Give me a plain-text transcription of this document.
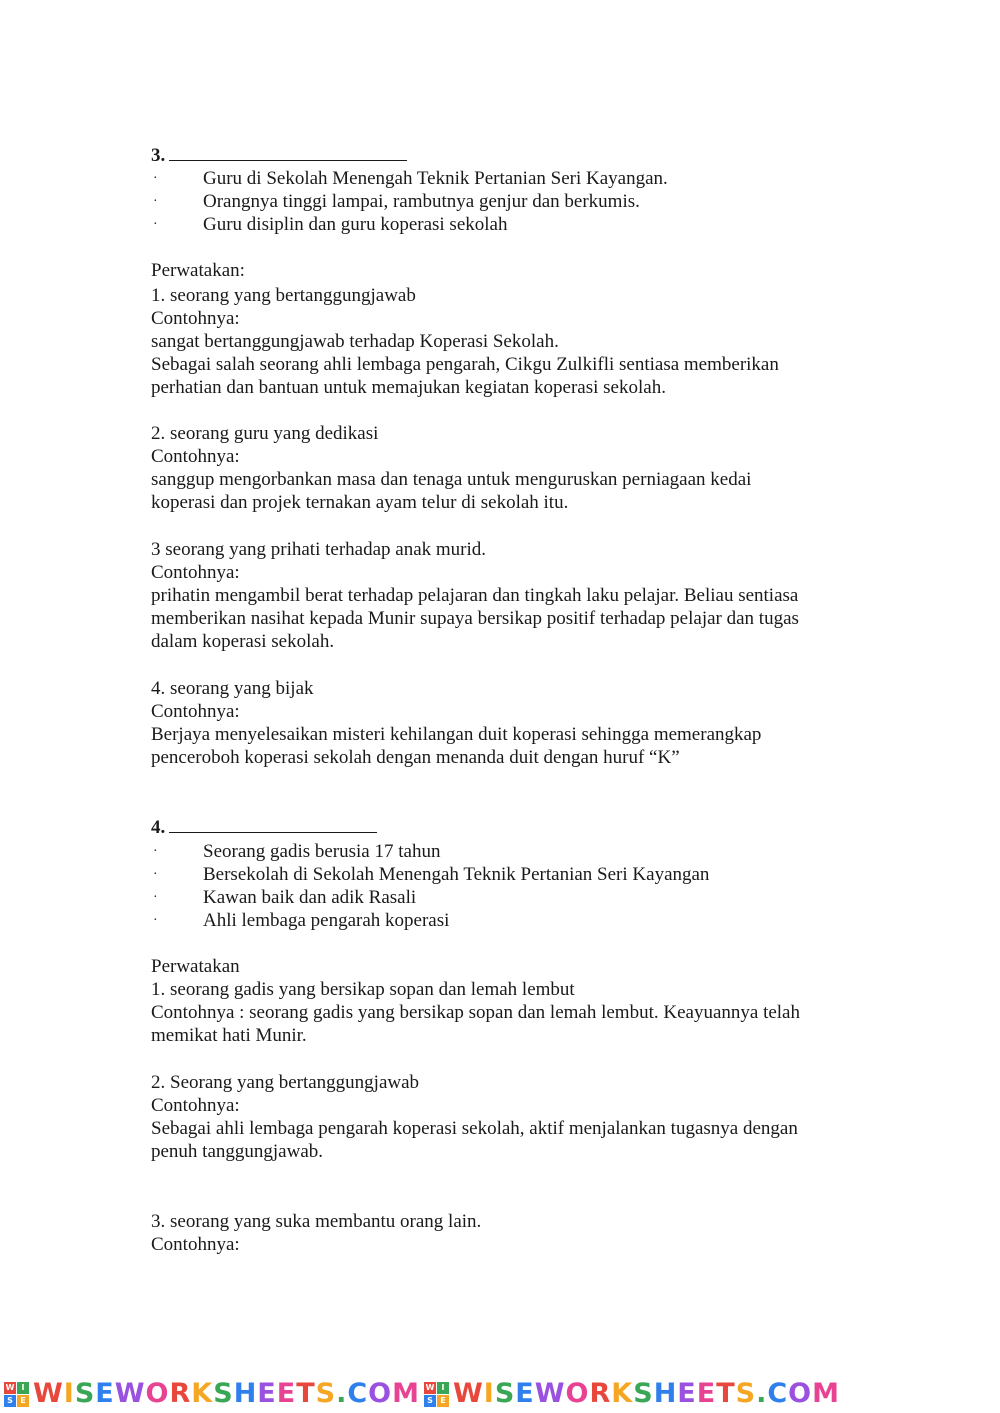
3.
· Guru di Sekolah Menengah Teknik Pertanian Seri Kayangan.
· Orangnya tinggi lampai, rambutnya genjur dan berkumis.
· Guru disiplin dan guru koperasi sekolah
Perwatakan:
1. seorang yang bertanggungjawab
Contohnya:
sangat bertanggungjawab terhadap Koperasi Sekolah.
Sebagai salah seorang ahli lembaga pengarah, Cikgu Zulkifli sentiasa memberikan
perhatian dan bantuan untuk memajukan kegiatan koperasi sekolah.
2. seorang guru yang dedikasi
Contohnya:
sanggup mengorbankan masa dan tenaga untuk menguruskan perniagaan kedai
koperasi dan projek ternakan ayam telur di sekolah itu.
3 seorang yang prihati terhadap anak murid.
Contohnya:
prihatin mengambil berat terhadap pelajaran dan tingkah laku pelajar. Beliau sentiasa
memberikan nasihat kepada Munir supaya bersikap positif terhadap pelajar dan tugas
dalam koperasi sekolah.
4. seorang yang bijak
Contohnya:
Berjaya menyelesaikan misteri kehilangan duit koperasi sehingga memerangkap
penceroboh koperasi sekolah dengan menanda duit dengan huruf “K”
4.
· Seorang gadis berusia 17 tahun
· Bersekolah di Sekolah Menengah Teknik Pertanian Seri Kayangan
· Kawan baik dan adik Rasali
· Ahli lembaga pengarah koperasi
Perwatakan
1. seorang gadis yang bersikap sopan dan lemah lembut
Contohnya : seorang gadis yang bersikap sopan dan lemah lembut. Keayuannya telah
memikat hati Munir.
2. Seorang yang bertanggungjawab
Contohnya:
Sebagai ahli lembaga pengarah koperasi sekolah, aktif menjalankan tugasnya dengan
penuh tanggungjawab.
3. seorang yang suka membantu orang lain.
Contohnya:
W I
S E WISEWORKSHEETS.COM W I
S E WISEWORKSHEETS.COM
